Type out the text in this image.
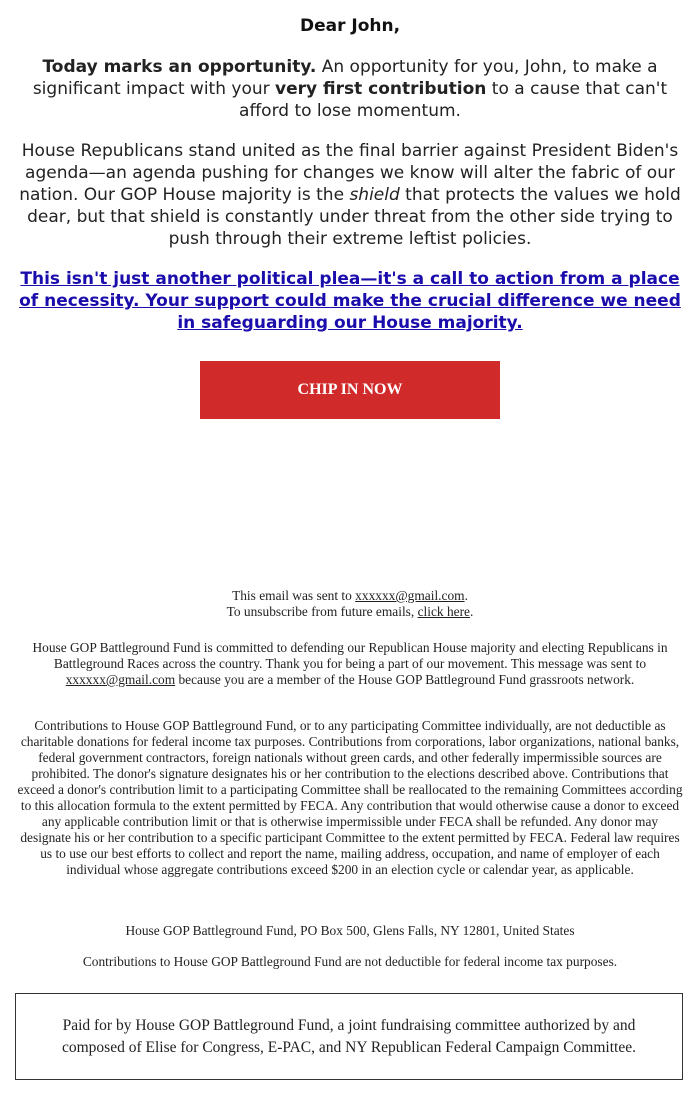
Dear John,
Today marks an opportunity. An opportunity for you, John, to make a significant impact with your very first contribution to a cause that can't afford to lose momentum.
House Republicans stand united as the final barrier against President Biden's agenda—an agenda pushing for changes we know will alter the fabric of our nation. Our GOP House majority is the shield that protects the values we hold dear, but that shield is constantly under threat from the other side trying to push through their extreme leftist policies.
This isn't just another political plea—it's a call to action from a place of necessity. Your support could make the crucial difference we need in safeguarding our House majority.
CHIP IN NOW
This email was sent to xxxxxx@gmail.com.
To unsubscribe from future emails, click here.
House GOP Battleground Fund is committed to defending our Republican House majority and electing Republicans in Battleground Races across the country. Thank you for being a part of our movement. This message was sent to xxxxxx@gmail.com because you are a member of the House GOP Battleground Fund grassroots network.
Contributions to House GOP Battleground Fund, or to any participating Committee individually, are not deductible as charitable donations for federal income tax purposes. Contributions from corporations, labor organizations, national banks, federal government contractors, foreign nationals without green cards, and other federally impermissible sources are prohibited. The donor's signature designates his or her contribution to the elections described above. Contributions that exceed a donor's contribution limit to a participating Committee shall be reallocated to the remaining Committees according to this allocation formula to the extent permitted by FECA. Any contribution that would otherwise cause a donor to exceed any applicable contribution limit or that is otherwise impermissible under FECA shall be refunded. Any donor may designate his or her contribution to a specific participant Committee to the extent permitted by FECA. Federal law requires us to use our best efforts to collect and report the name, mailing address, occupation, and name of employer of each individual whose aggregate contributions exceed $200 in an election cycle or calendar year, as applicable.
House GOP Battleground Fund, PO Box 500, Glens Falls, NY 12801, United States
Contributions to House GOP Battleground Fund are not deductible for federal income tax purposes.
Paid for by House GOP Battleground Fund, a joint fundraising committee authorized by and composed of Elise for Congress, E-PAC, and NY Republican Federal Campaign Committee.
